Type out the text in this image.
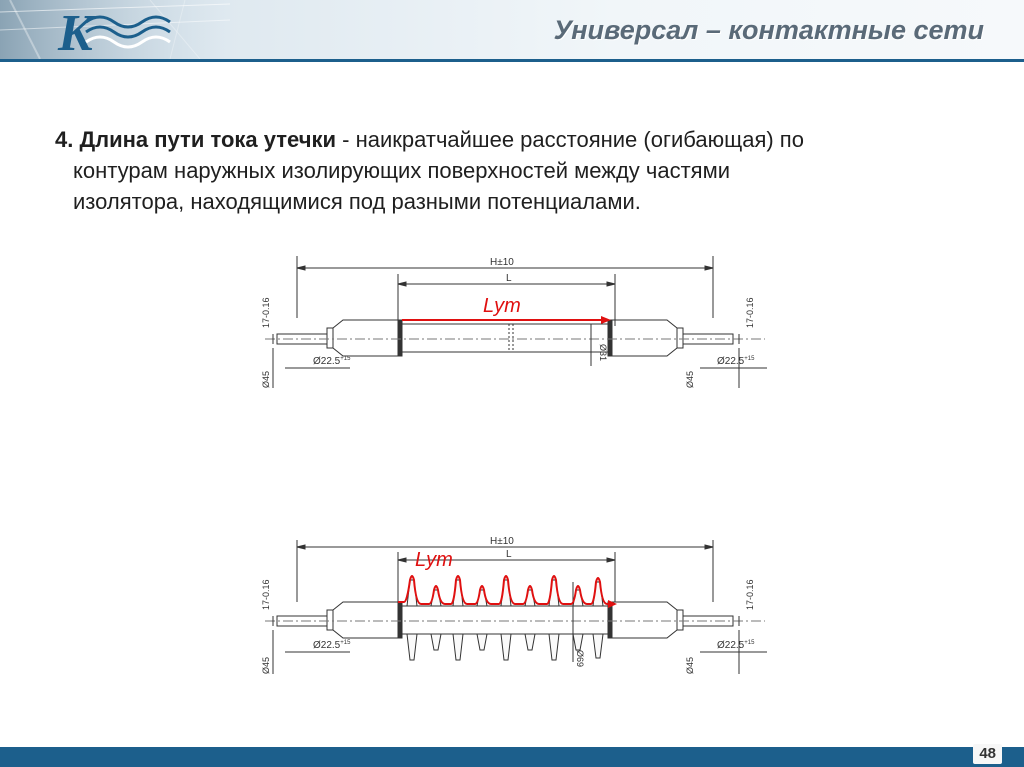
K	Универсал – контактные сети
4. Длина пути тока утечки - наикратчайшее расстояние (огибающая) по
контурам наружных изолирующих поверхностей между частями
изолятора, находящимися под разными потенциалами.
Lут
H±10
L
Ø31
17-0.16
Ø45
$Ø22.5^{+15}$
17-0.16
Ø45
$Ø22.5^{+15}$
Lут
H±10
L
Ø69
17-0.16
Ø45
$Ø22.5^{+15}$
17-0.16
Ø45
$Ø22.5^{+15}$
48
